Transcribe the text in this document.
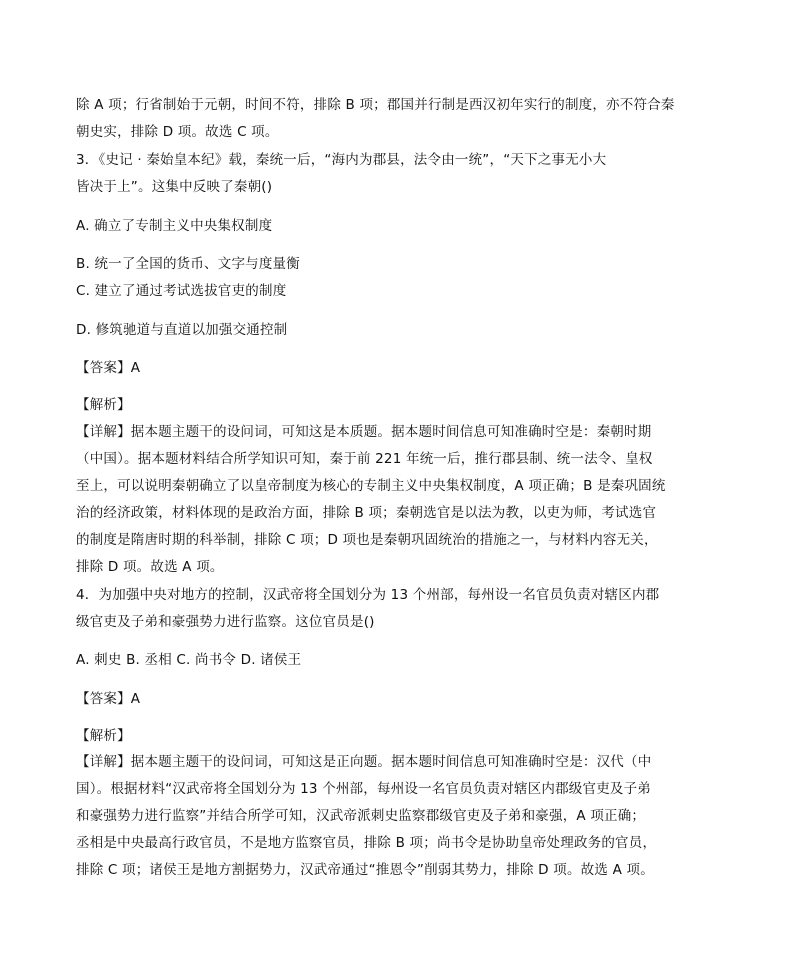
除 A 项；行省制始于元朝，时间不符，排除 B 项；郡国并行制是西汉初年实行的制度，亦不符合秦
朝史实，排除 D 项。故选 C 项。
3．《史记 · 秦始皇本纪》载，秦统一后，“海内为郡县，法令由一统”，“天下之事无小大
皆决于上”。这集中反映了秦朝()
A. 确立了专制主义中央集权制度
B. 统一了全国的货币、文字与度量衡
C. 建立了通过考试选拔官吏的制度
D. 修筑驰道与直道以加强交通控制
【答案】A
【解析】
【详解】据本题主题干的设问词，可知这是本质题。据本题时间信息可知准确时空是：秦朝时期
（中国）。据本题材料结合所学知识可知，秦于前 221 年统一后，推行郡县制、统一法令、皇权
至上，可以说明秦朝确立了以皇帝制度为核心的专制主义中央集权制度，A 项正确；B 是秦巩固统
治的经济政策，材料体现的是政治方面，排除 B 项；秦朝选官是以法为教，以吏为师，考试选官
的制度是隋唐时期的科举制，排除 C 项；D 项也是秦朝巩固统治的措施之一，与材料内容无关，
排除 D 项。故选 A 项。
4．为加强中央对地方的控制，汉武帝将全国划分为 13 个州部，每州设一名官员负责对辖区内郡
级官吏及子弟和豪强势力进行监察。这位官员是()
A. 刺史 B. 丞相 C. 尚书令 D. 诸侯王
【答案】A
【解析】
【详解】据本题主题干的设问词，可知这是正向题。据本题时间信息可知准确时空是：汉代（中
国）。根据材料“汉武帝将全国划分为 13 个州部，每州设一名官员负责对辖区内郡级官吏及子弟
和豪强势力进行监察”并结合所学可知，汉武帝派刺史监察郡级官吏及子弟和豪强，A 项正确；
丞相是中央最高行政官员，不是地方监察官员，排除 B 项；尚书令是协助皇帝处理政务的官员，
排除 C 项；诸侯王是地方割据势力，汉武帝通过“推恩令”削弱其势力，排除 D 项。故选 A 项。
